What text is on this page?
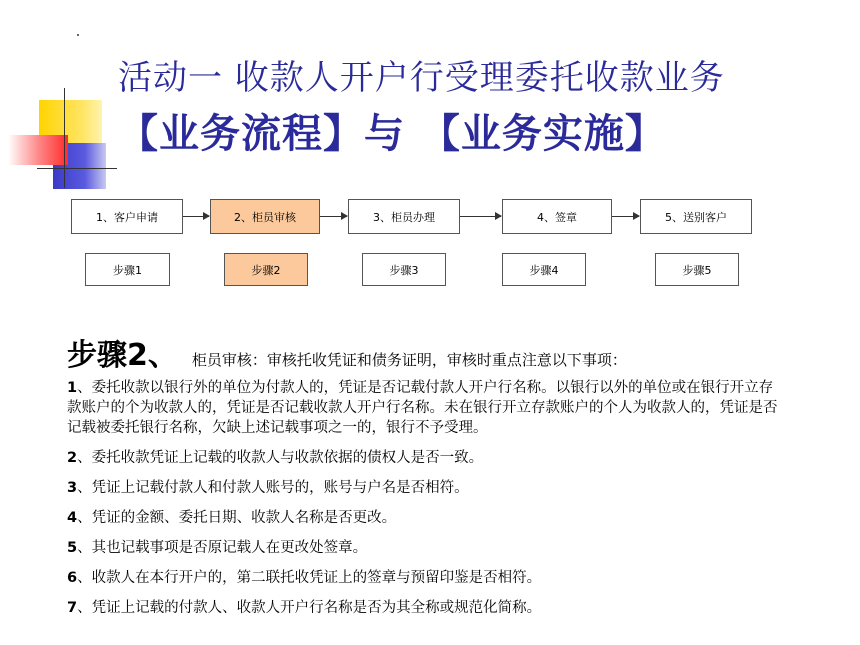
活动一 收款人开户行受理委托收款业务
【业务流程】与 【业务实施】
1、客户申请	2、柜员审核	3、柜员办理	4、签章	5、送别客户
步骤1	步骤2	步骤3	步骤4	步骤5
步骤2、 柜员审核：审核托收凭证和债务证明，审核时重点注意以下事项：
1、委托收款以银行外的单位为付款人的，凭证是否记载付款人开户行名称。以银行以外的单位或在银行开立存款账户的个为收款人的，凭证是否记载收款人开户行名称。未在银行开立存款账户的个人为收款人的，凭证是否记载被委托银行名称，欠缺上述记载事项之一的，银行不予受理。
2、委托收款凭证上记载的收款人与收款依据的债权人是否一致。
3、凭证上记载付款人和付款人账号的，账号与户名是否相符。
4、凭证的金额、委托日期、收款人名称是否更改。
5、其也记载事项是否原记载人在更改处签章。
6、收款人在本行开户的，第二联托收凭证上的签章与预留印鉴是否相符。
7、凭证上记载的付款人、收款人开户行名称是否为其全称或规范化简称。
